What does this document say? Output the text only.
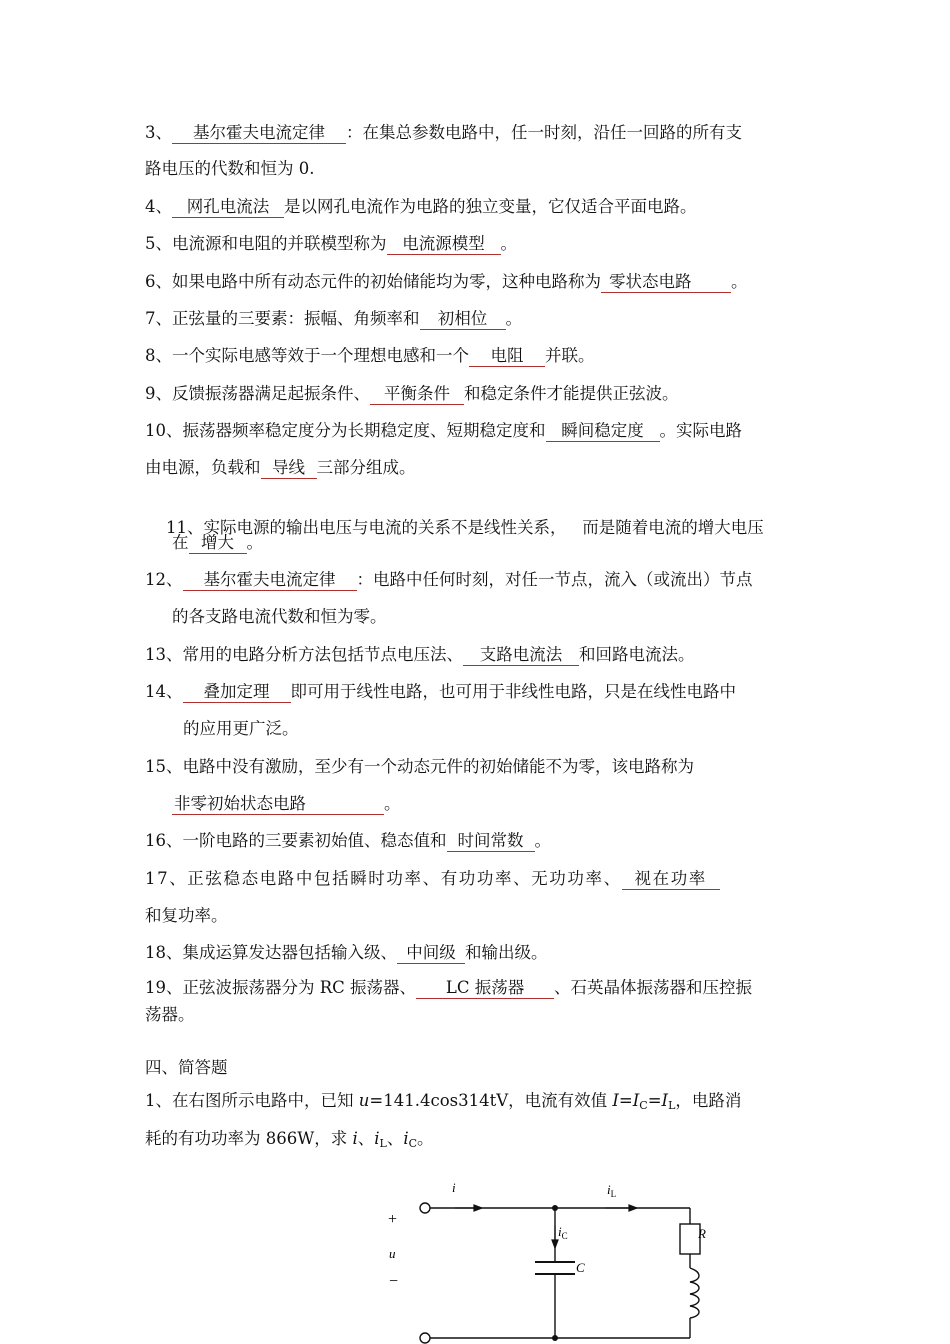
3、 基尔霍夫电流定律 ：在集总参数电路中，任一时刻，沿任一回路的所有支
路电压的代数和恒为 0.
4、 网孔电流法 是以网孔电流作为电路的独立变量，它仅适合平面电路。
5、电流源和电阻的并联模型称为 电流源模型 。
6、如果电路中所有动态元件的初始储能均为零，这种电路称为 零状态电路 。
7、正弦量的三要素：振幅、角频率和 初相位 。
8、一个实际电感等效于一个理想电感和一个 电阻 并联。
9、反馈振荡器满足起振条件、 平衡条件 和稳定条件才能提供正弦波。
10、振荡器频率稳定度分为长期稳定度、短期稳定度和 瞬间稳定度 。实际电路
由电源，负载和 导线 三部分组成。

11、实际电源的输出电压与电流的关系不是线性关系，   而是随着电流的增大电压

在 增大 。
12、 基尔霍夫电流定律 ：电路中任何时刻，对任一节点，流入（或流出）节点
的各支路电流代数和恒为零。
13、常用的电路分析方法包括节点电压法、 支路电流法 和回路电流法。
14、 叠加定理 即可用于线性电路，也可用于非线性电路，只是在线性电路中
的应用更广泛。
15、电路中没有激励，至少有一个动态元件的初始储能不为零，该电路称为
非零初始状态电路	。
16、一阶电路的三要素初始值、稳态值和 时间常数 。
17、正弦稳态电路中包括瞬时功率、有功功率、无功功率、 视在功率
和复功率。
18、集成运算发达器包括输入级、 中间级 和输出级。
19、正弦波振荡器分为 RC 振荡器、 LC 振荡器 、石英晶体振荡器和压控振
荡器。
四、简答题
1、在右图所示电路中，已知 u=141.4cos314tV，电流有效值 $I=I_C=I_L$，电路消
耗的有功功率为 866W，求 i、$i_L$、$i_C$。
i	$i_L$
$i_C$
+
u
−
C
R
